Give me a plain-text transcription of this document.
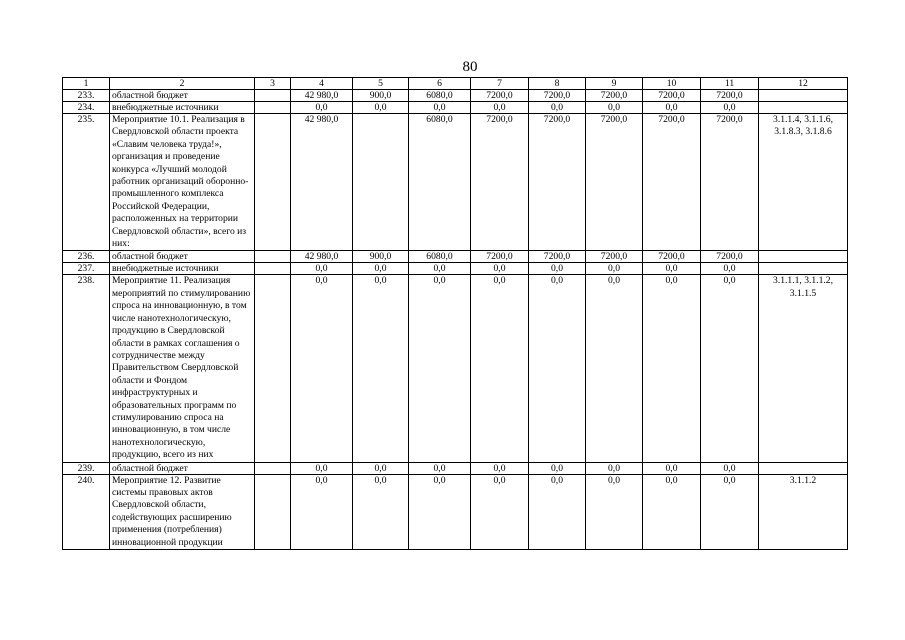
80
1	2	3	4	5	6	7	8	9	10	11	12
233.	областной бюджет		42 980,0	900,0	6080,0	7200,0	7200,0	7200,0	7200,0	7200,0	
234.	внебюджетные источники		0,0	0,0	0,0	0,0	0,0	0,0	0,0	0,0	
235.	Мероприятие 10.1. Реализация в Свердловской области проекта «Славим человека труда!», организация и проведение конкурса «Лучший молодой работник организаций оборонно-промышленного комплекса Российской Федерации, расположенных на территории Свердловской области», всего из них:		42 980,0		6080,0	7200,0	7200,0	7200,0	7200,0	7200,0	3.1.1.4, 3.1.1.6, 3.1.8.3, 3.1.8.6
236.	областной бюджет		42 980,0	900,0	6080,0	7200,0	7200,0	7200,0	7200,0	7200,0	
237.	внебюджетные источники		0,0	0,0	0,0	0,0	0,0	0,0	0,0	0,0	
238.	Мероприятие 11. Реализация мероприятий по стимулированию спроса на инновационную, в том числе нанотехнологическую, продукцию в Свердловской области в рамках соглашения о сотрудничестве между Правительством Свердловской области и Фондом инфраструктурных и образовательных программ по стимулированию спроса на инновационную, в том числе нанотехнологическую, продукцию, всего из них		0,0	0,0	0,0	0,0	0,0	0,0	0,0	0,0	3.1.1.1, 3.1.1.2, 3.1.1.5
239.	областной бюджет		0,0	0,0	0,0	0,0	0,0	0,0	0,0	0,0	
240.	Мероприятие 12. Развитие системы правовых актов Свердловской области, содействующих расширению применения (потребления) инновационной продукции		0,0	0,0	0,0	0,0	0,0	0,0	0,0	0,0	3.1.1.2
